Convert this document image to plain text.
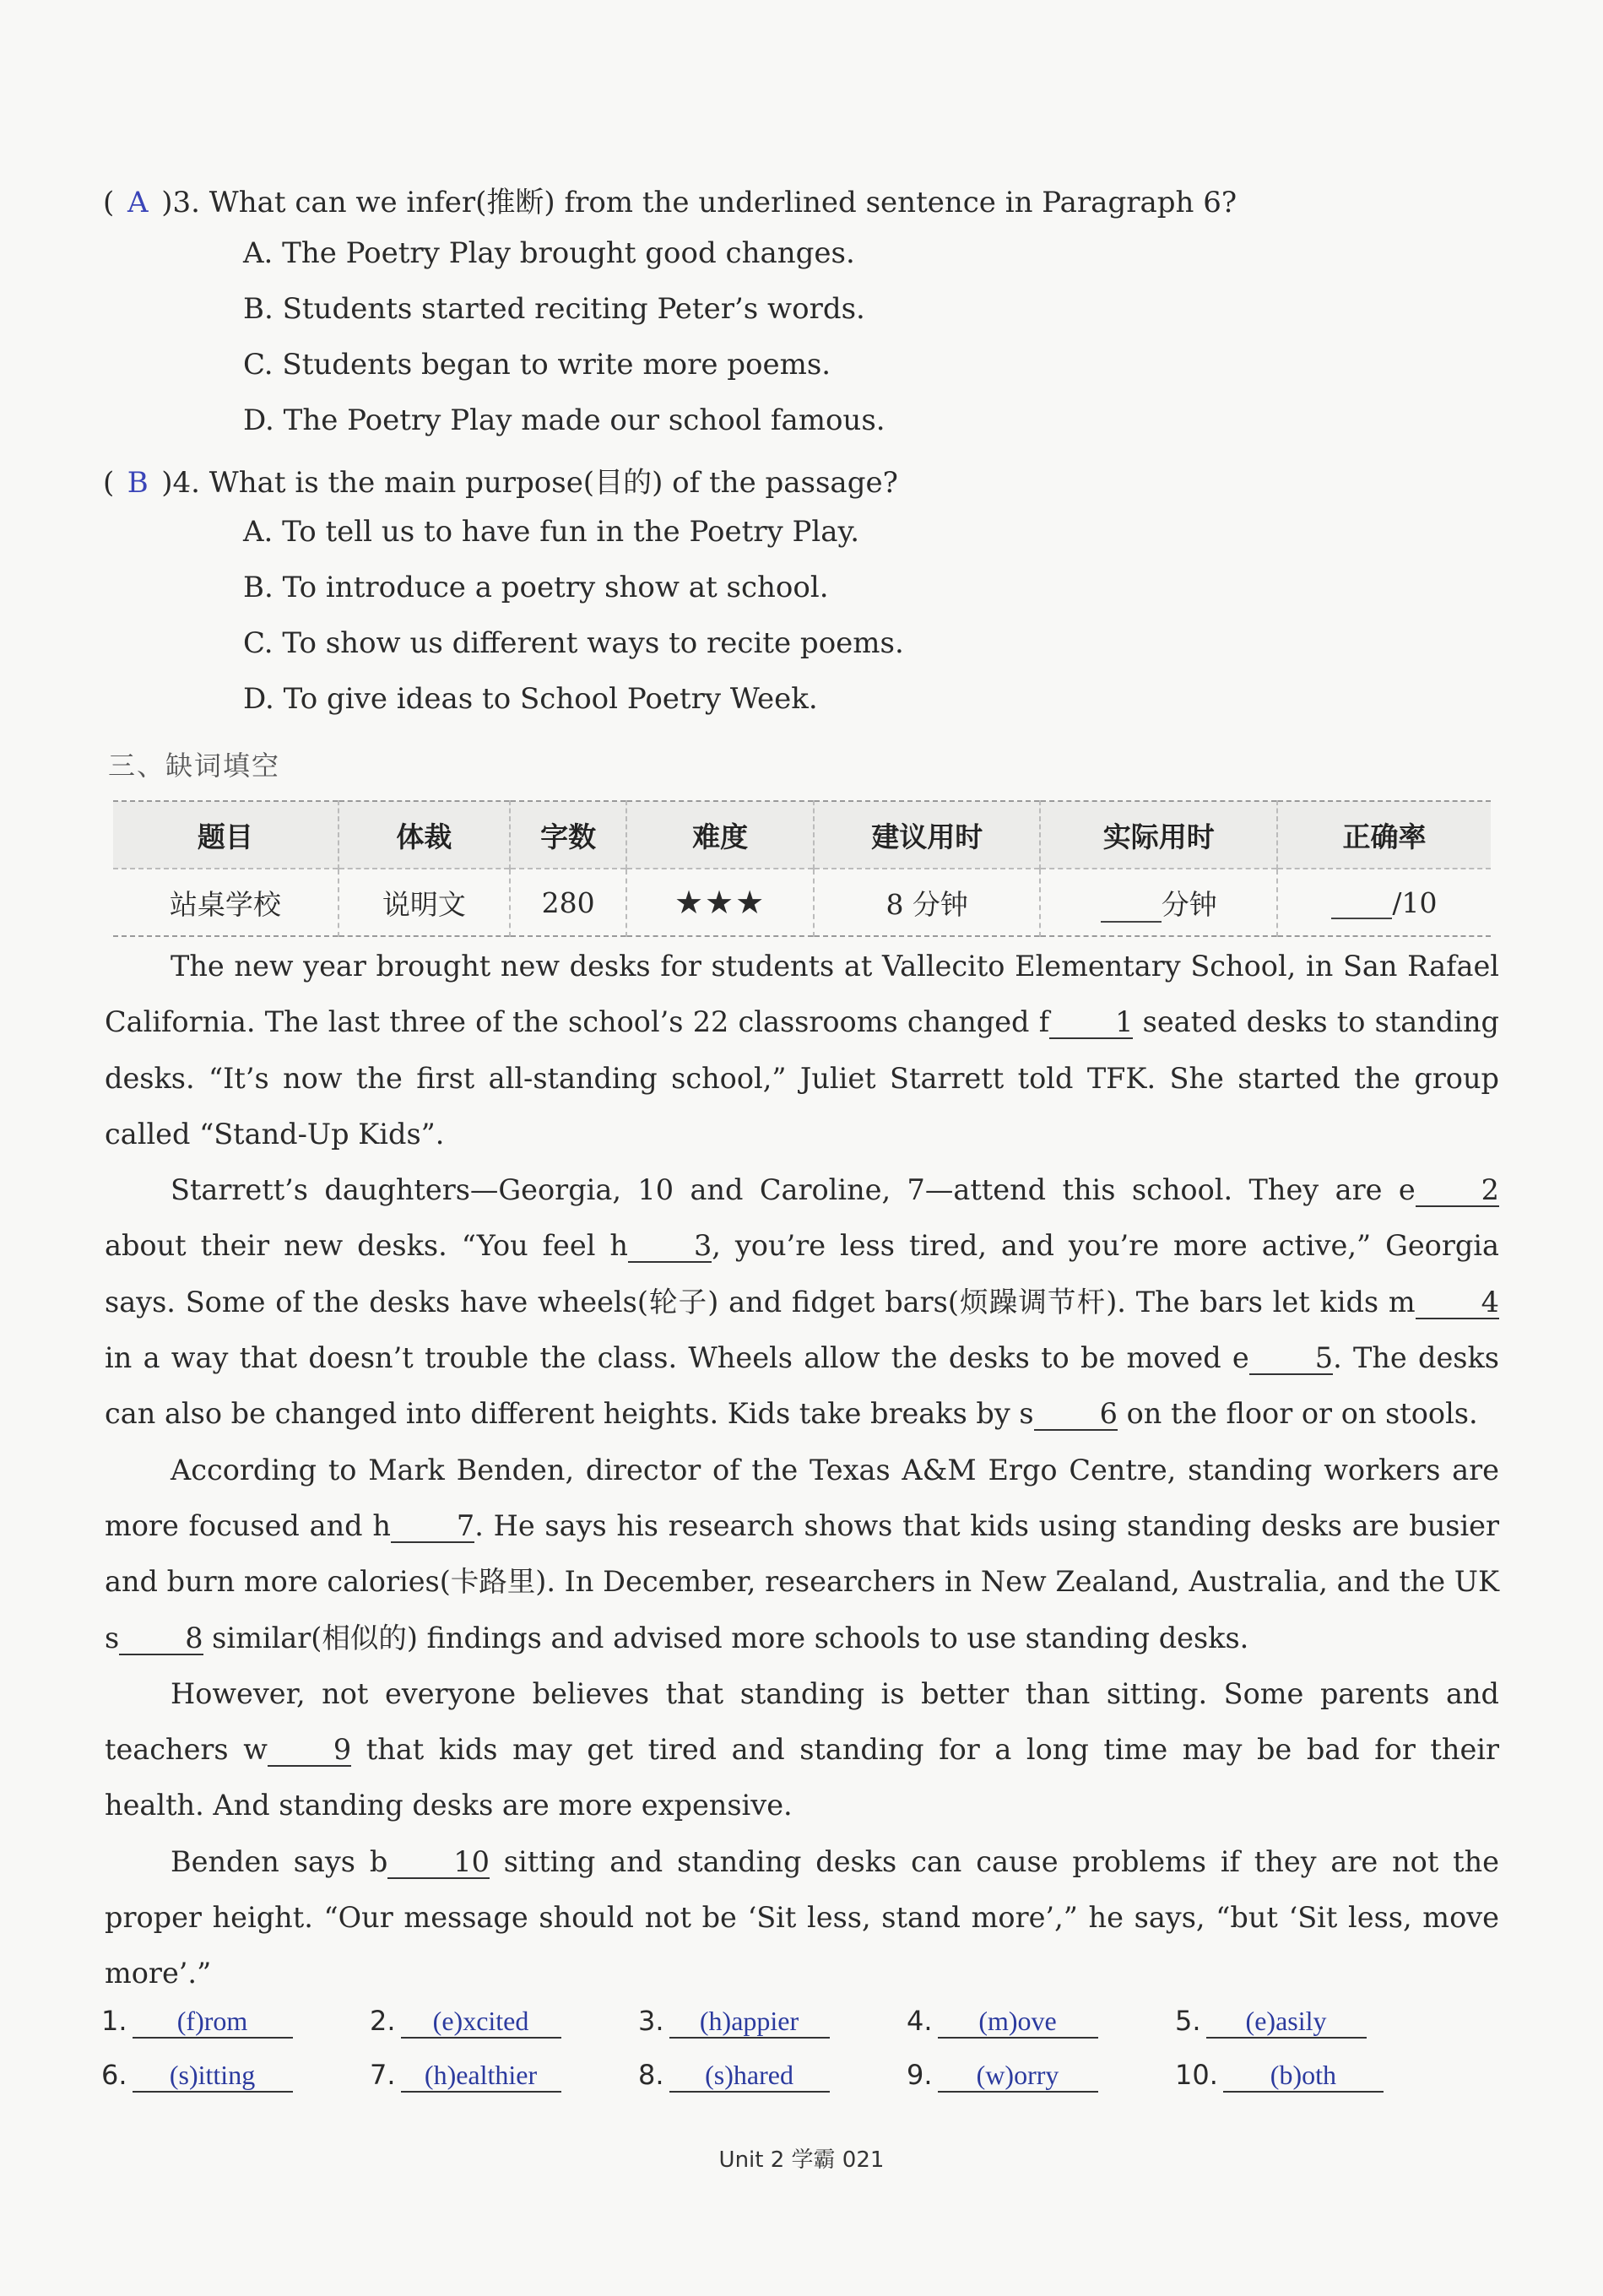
( A )3. What can we infer(推断) from the underlined sentence in Paragraph 6?
A. The Poetry Play brought good changes.
B. Students started reciting Peter’s words.
C. Students began to write more poems.
D. The Poetry Play made our school famous.
( B )4. What is the main purpose(目的) of the passage?
A. To tell us to have fun in the Poetry Play.
B. To introduce a poetry show at school.
C. To show us different ways to recite poems.
D. To give ideas to School Poetry Week.
三、缺词填空
题目	体裁	字数	难度	建议用时	实际用时	正确率
站桌学校	说明文	280	★★★	8 分钟	分钟	/10

The new year brought new desks for students at Vallecito Elementary School, in San Rafael California. The last three of the school’s 22 classrooms changed f 1 seated desks to standing desks. “It’s now the first all-standing school,” Juliet Starrett told TFK. She started the group called “Stand-Up Kids”.

Starrett’s daughters—Georgia, 10 and Caroline, 7—attend this school. They are e 2 about their new desks. “You feel h 3, you’re less tired, and you’re more active,” Georgia says. Some of the desks have wheels(轮子) and fidget bars(烦躁调节杆). The bars let kids m 4 in a way that doesn’t trouble the class. Wheels allow the desks to be moved e 5. The desks can also be changed into different heights. Kids take breaks by s 6 on the floor or on stools.

According to Mark Benden, director of the Texas A&M Ergo Centre, standing workers are more focused and h 7. He says his research shows that kids using standing desks are busier and burn more calories(卡路里). In December, researchers in New Zealand, Australia, and the UK s 8 similar(相似的) findings and advised more schools to use standing desks.

However, not everyone believes that standing is better than sitting. Some parents and teachers w 9 that kids may get tired and standing for a long time may be bad for their health. And standing desks are more expensive.

Benden says b 10 sitting and standing desks can cause problems if they are not the proper height. “Our message should not be ‘Sit less, stand more’,” he says, “but ‘Sit less, move more’.”

1. (f)rom	2. (e)xcited	3. (h)appier	4. (m)ove	5. (e)asily
6. (s)itting	7. (h)ealthier	8. (s)hared	9. (w)orry	10. (b)oth
Unit 2 学霸 021
